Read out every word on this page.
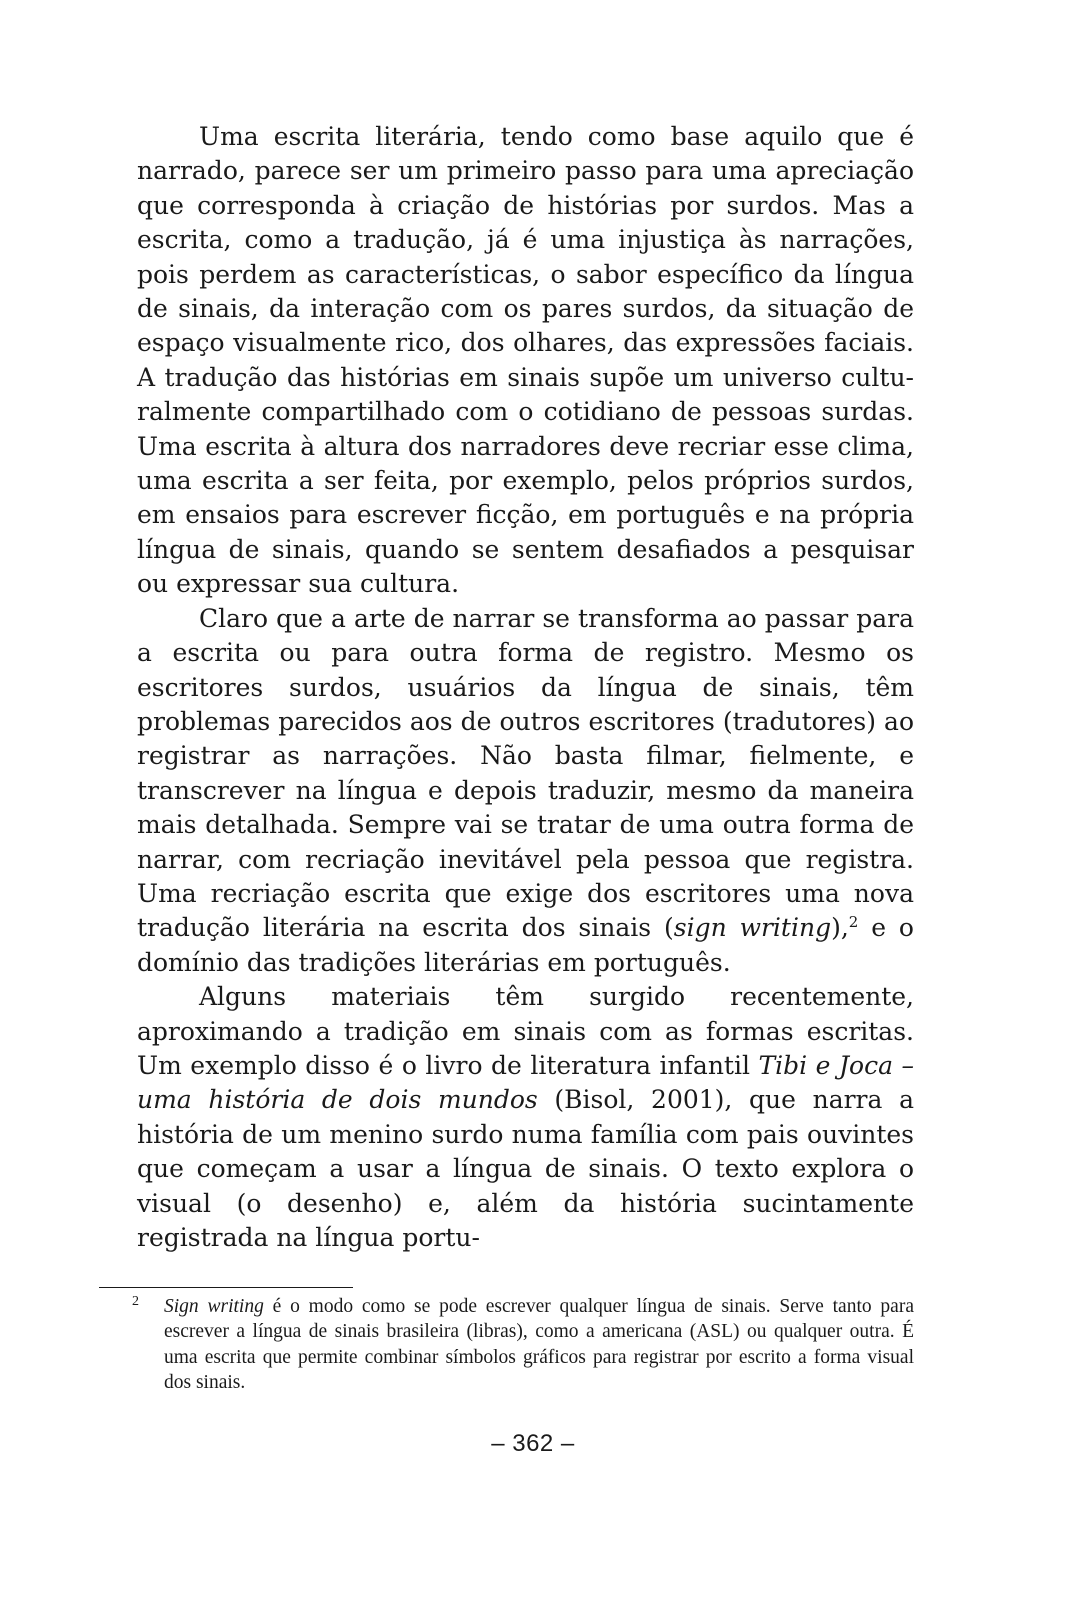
Uma escrita literária, tendo como base aquilo que é narrado, parece ser um primeiro passo para uma apreciação que corresponda à criação de histórias por surdos. Mas a escrita, como a tradução, já é uma injustiça às narrações, pois perdem as características, o sabor específico da língua de sinais, da interação com os pares surdos, da situação de espaço visualmente rico, dos olhares, das expressões faciais. A tradução das histórias em sinais supõe um universo culturalmente compartilhado com o cotidiano de pessoas surdas. Uma escrita à altura dos narradores deve recriar esse clima, uma escrita a ser feita, por exemplo, pelos próprios surdos, em ensaios para escrever ficção, em português e na própria língua de sinais, quando se sentem desafiados a pesquisar ou expressar sua cultura.

Claro que a arte de narrar se transforma ao passar para a escrita ou para outra forma de registro. Mesmo os escritores surdos, usuários da língua de sinais, têm problemas parecidos aos de outros escritores (tradutores) ao registrar as narrações. Não basta filmar, fielmente, e transcrever na língua e depois traduzir, mesmo da maneira mais detalhada. Sempre vai se tratar de uma outra forma de narrar, com recriação inevitável pela pessoa que registra. Uma recriação escrita que exige dos escritores uma nova tradução literária na escrita dos sinais (sign writing),$^2$ e o domínio das tradições literárias em português.

Alguns materiais têm surgido recentemente, aproximando a tradição em sinais com as formas escritas. Um exemplo disso é o livro de literatura infantil Tibi e Joca – uma história de dois mundos (Bisol, 2001), que narra a história de um menino surdo numa família com pais ouvintes que começam a usar a língua de sinais. O texto explora o visual (o desenho) e, além da história sucintamente registrada na língua portu-

2	Sign writing é o modo como se pode escrever qualquer língua de sinais. Serve tanto para escrever a língua de sinais brasileira (libras), como a americana (ASL) ou qualquer outra. É uma escrita que permite combinar símbolos gráficos para registrar por escrito a forma visual dos sinais.
– 362 –
